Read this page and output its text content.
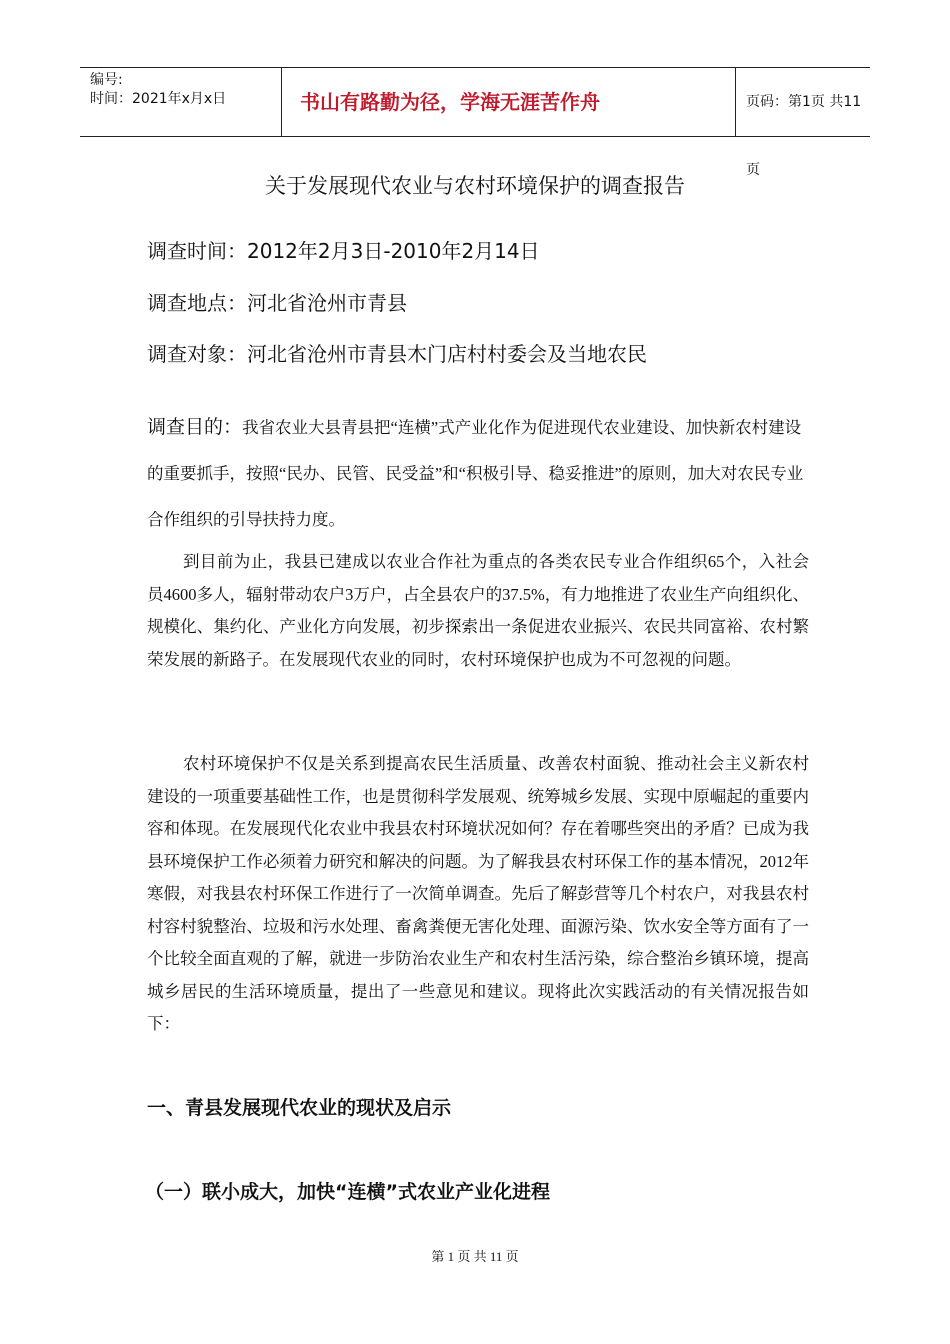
编号:
时间：2021年x月x日	书山有路勤为径，学海无涯苦作舟	页码：第1页 共11页
关于发展现代农业与农村环境保护的调查报告
调查时间：2012年2月3日-2010年2月14日
调查地点：河北省沧州市青县
调查对象：河北省沧州市青县木门店村村委会及当地农民
调查目的：我省农业大县青县把“连横”式产业化作为促进现代农业建设、加快新农村建设的重要抓手，按照“民办、民管、民受益”和“积极引导、稳妥推进”的原则，加大对农民专业合作组织的引导扶持力度。
到目前为止，我县已建成以农业合作社为重点的各类农民专业合作组织65个，入社会员4600多人，辐射带动农户3万户，占全县农户的37.5%，有力地推进了农业生产向组织化、规模化、集约化、产业化方向发展，初步探索出一条促进农业振兴、农民共同富裕、农村繁荣发展的新路子。在发展现代农业的同时，农村环境保护也成为不可忽视的问题。
农村环境保护不仅是关系到提高农民生活质量、改善农村面貌、推动社会主义新农村建设的一项重要基础性工作，也是贯彻科学发展观、统筹城乡发展、实现中原崛起的重要内容和体现。在发展现代化农业中我县农村环境状况如何？存在着哪些突出的矛盾？已成为我县环境保护工作必须着力研究和解决的问题。为了解我县农村环保工作的基本情况，2012年寒假，对我县农村环保工作进行了一次简单调查。先后了解彭营等几个村农户，对我县农村村容村貌整治、垃圾和污水处理、畜禽粪便无害化处理、面源污染、饮水安全等方面有了一个比较全面直观的了解，就进一步防治农业生产和农村生活污染，综合整治乡镇环境，提高城乡居民的生活环境质量，提出了一些意见和建议。现将此次实践活动的有关情况报告如下：
一、青县发展现代农业的现状及启示
（一）联小成大，加快“连横”式农业产业化进程
第 1 页 共 11 页
